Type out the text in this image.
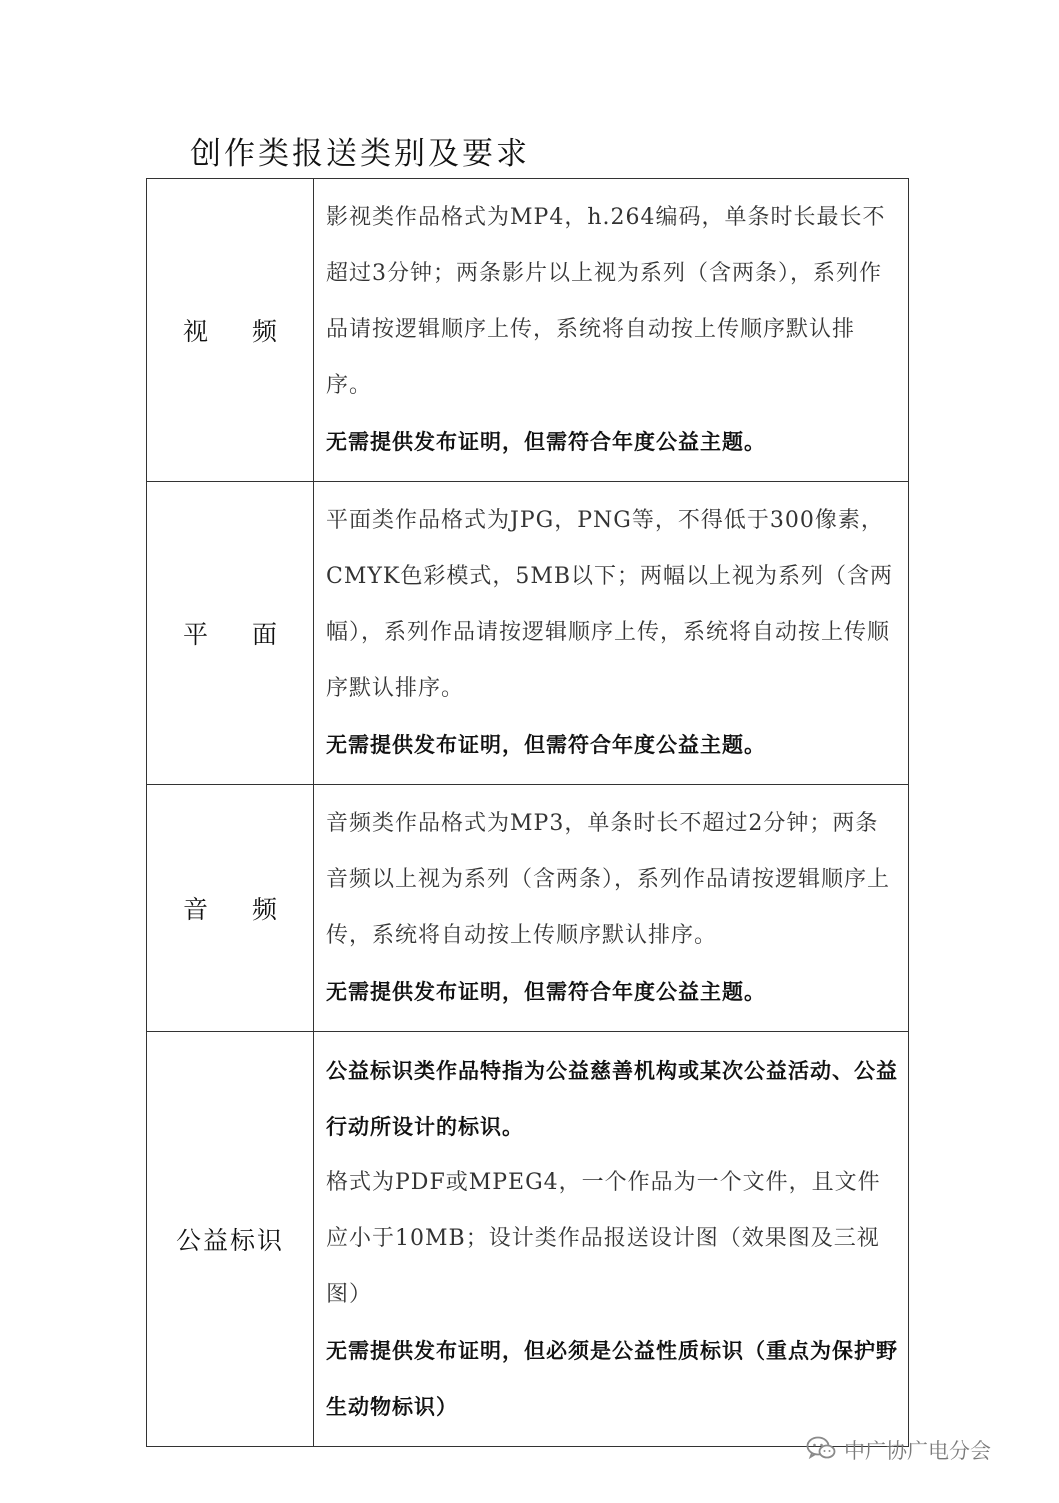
创作类报送类别及要求
视 频	影视类作品格式为MP4，h.264编码，单条时长最长不超过3分钟；两条影片以上视为系列（含两条），系列作品请按逻辑顺序上传，系统将自动按上传顺序默认排序。

无需提供发布证明，但需符合年度公益主题。

平 面	平面类作品格式为JPG，PNG等，不得低于300像素，CMYK色彩模式，5MB以下；两幅以上视为系列（含两幅），系列作品请按逻辑顺序上传，系统将自动按上传顺序默认排序。

无需提供发布证明，但需符合年度公益主题。

音 频	音频类作品格式为MP3，单条时长不超过2分钟；两条音频以上视为系列（含两条），系列作品请按逻辑顺序上传，系统将自动按上传顺序默认排序。

无需提供发布证明，但需符合年度公益主题。

公益标识	公益标识类作品特指为公益慈善机构或某次公益活动、公益行动所设计的标识。

格式为PDF或MPEG4，一个作品为一个文件，且文件应小于10MB；设计类作品报送设计图（效果图及三视图）

无需提供发布证明，但必须是公益性质标识（重点为保护野生动物标识）

中广协广电分会
